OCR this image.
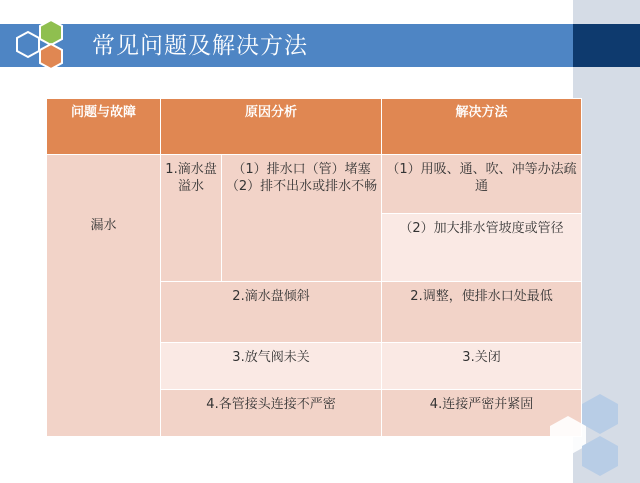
常见问题及解决方法
问题与故障	原因分析		解决方法
漏水	1.滴水盘溢水	（1）排水口（管）堵塞（2）排不出水或排水不畅	（1）用吸、通、吹、冲等办法疏通
			（2）加大排水管坡度或管径
	2.滴水盘倾斜		2.调整，使排水口处最低
	3.放气阀未关		3.关闭
	4.各管接头连接不严密		4.连接严密并紧固
